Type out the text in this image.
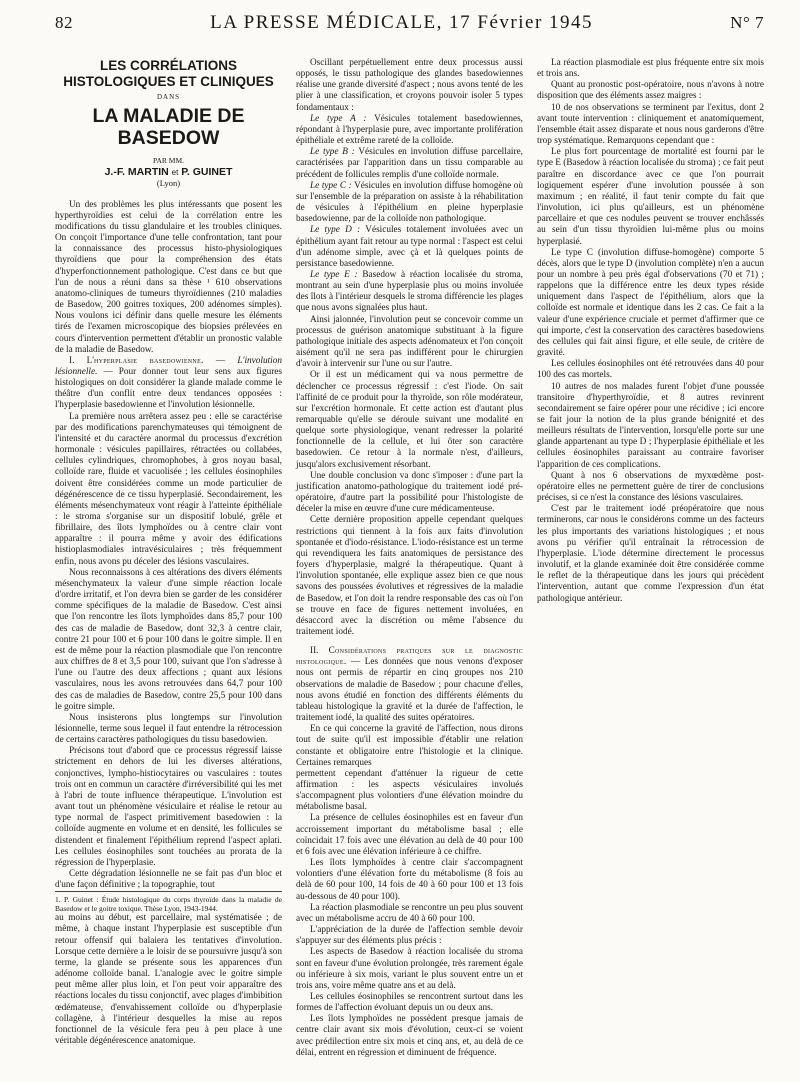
82	LA PRESSE MÉDICALE, 17 Février 1945	N° 7
LES CORRÉLATIONS
HISTOLOGIQUES ET CLINIQUES
DANS
LA MALADIE DE BASEDOW
PAR MM.
J.-F. MARTIN et P. GUINET
(Lyon)

Un des problèmes les plus intéressants que posent les hyperthyroïdies est celui de la corrélation entre les modifications du tissu glandulaire et les troubles cliniques. On conçoit l'importance d'une telle confrontation, tant pour la connaissance des processus histo-physiologiques thyroïdiens que pour la compréhension des états d'hyperfonctionnement pathologique. C'est dans ce but que l'un de nous a réuni dans sa thèse ¹ 610 observations anatomo-cliniques de tumeurs thyroïdiennes (210 maladies de Basedow, 200 goitres toxiques, 200 adénomes simples). Nous voulons ici définir dans quelle mesure les éléments tirés de l'examen microscopique des biopsies prélevées en cours d'intervention permettent d'établir un pronostic valable de la maladie de Basedow.

I. L'hyperplasie basedowienne. — L'involution lésionnelle. — Pour donner tout leur sens aux figures histologiques on doit considérer la glande malade comme le théâtre d'un conflit entre deux tendances opposées : l'hyperplasie basedowienne et l'involution lésionnelle.

La première nous arrêtera assez peu : elle se caractérise par des modifications parenchymateuses qui témoignent de l'intensité et du caractère anormal du processus d'excrétion hormonale : vésicules papillaires, rétractées ou collabées, cellules cylindriques, chromophobes, à gros noyau basal, colloïde rare, fluide et vacuolisée ; les cellules éosinophiles doivent être considérées comme un mode particulier de dégénérescence de ce tissu hyperplasié. Secondairement, les éléments mésenchymateux vont réagir à l'atteinte épithéliale : le stroma s'organise sur un dispositif lobulé, grêle et fibrillaire, des îlots lymphoïdes ou à centre clair vont apparaître : il pourra même y avoir des édifications histioplasmodiales intravésiculaires ; très fréquemment enfin, nous avons pu déceler des lésions vasculaires.

Nous reconnaissons à ces altérations des divers éléments mésenchymateux la valeur d'une simple réaction locale d'ordre irritatif, et l'on devra bien se garder de les considérer comme spécifiques de la maladie de Basedow. C'est ainsi que l'on rencontre les îlots lymphoïdes dans 85,7 pour 100 des cas de maladie de Basedow, dont 32,3 à centre clair, contre 21 pour 100 et 6 pour 100 dans le goitre simple. Il en est de même pour la réaction plasmodiale que l'on rencontre aux chiffres de 8 et 3,5 pour 100, suivant que l'on s'adresse à l'une ou l'autre des deux affections ; quant aux lésions vasculaires, nous les avons retrouvées dans 64,7 pour 100 des cas de maladies de Basedow, contre 25,5 pour 100 dans le goitre simple.

Nous insisterons plus longtemps sur l'involution lésionnelle, terme sous lequel il faut entendre la rétrocession de certains caractères pathologiques du tissu basedowien.

Précisons tout d'abord que ce processus régressif laisse strictement en dehors de lui les diverses altérations, conjonctives, lympho-histiocytaires ou vasculaires : toutes trois ont en commun un caractère d'irréversibilité qui les met à l'abri de toute influence thérapeutique. L'involution est avant tout un phénomène vésiculaire et réalise le retour au type normal de l'aspect primitivement basedowien : la colloïde augmente en volume et en densité, les follicules se distendent et finalement l'épithélium reprend l'aspect aplati. Les cellules éosinophiles sont touchées au prorata de la régression de l'hyperplasie.

Cette dégradation lésionnelle ne se fait pas d'un bloc et d'une façon définitive ; la topographie, tout

1. P. Guinet : Étude histologique du corps thyroïde dans la maladie de Basedow et le goitre toxique. Thèse Lyon, 1943-1944.

au moins au début, est parcellaire, mal systématisée ; de même, à chaque instant l'hyperplasie est susceptible d'un retour offensif qui balaiera les tentatives d'involution. Lorsque cette dernière a le loisir de se poursuivre jusqu'à son terme, la glande se présente sous les apparences d'un adénome colloïde banal. L'analogie avec le goitre simple peut même aller plus loin, et l'on peut voir apparaître des réactions locales du tissu conjonctif, avec plages d'imbibition œdémateuse, d'envahissement colloïde ou d'hyperplasie collagène, à l'intérieur desquelles la mise au repos fonctionnel de la vésicule fera peu à peu place à une véritable dégénérescence anatomique.

Oscillant perpétuellement entre deux processus aussi opposés, le tissu pathologique des glandes basedowiennes réalise une grande diversité d'aspect ; nous avons tenté de les plier à une classification, et croyons pouvoir isoler 5 types fondamentaux :

Le type A : Vésicules totalement basedowiennes, répondant à l'hyperplasie pure, avec importante prolifération épithéliale et extrême rareté de la colloïde.

Le type B : Vésicules en involution diffuse parcellaire, caractérisées par l'apparition dans un tissu comparable au précédent de follicules remplis d'une colloïde normale.

Le type C : Vésicules en involution diffuse homogène où sur l'ensemble de la préparation on assiste à la réhabilitation de vésicules à l'épithélium en pleine hyperplasie basedowienne, par de la colloïde non pathologique.

Le type D : Vésicules totalement involuées avec un épithélium ayant fait retour au type normal : l'aspect est celui d'un adénome simple, avec çà et là quelques points de persistance basedowienne.

Le type E : Basedow à réaction localisée du stroma, montrant au sein d'une hyperplasie plus ou moins involuée des îlots à l'intérieur desquels le stroma différencie les plages que nous avons signalées plus haut.

Ainsi jalonnée, l'involution peut se concevoir comme un processus de guérison anatomique substituant à la figure pathologique initiale des aspects adénomateux et l'on conçoit aisément qu'il ne sera pas indifférent pour le chirurgien d'avoir à intervenir sur l'une ou sur l'autre.

Or il est un médicament qui va nous permettre de déclencher ce processus régressif : c'est l'iode. On sait l'affinité de ce produit pour la thyroïde, son rôle modérateur, sur l'excrétion hormonale. Et cette action est d'autant plus remarquable qu'elle se déroule suivant une modalité en quelque sorte physiologique, venant redresser la polarité fonctionnelle de la cellule, et lui ôter son caractère basedowien. Ce retour à la normale n'est, d'ailleurs, jusqu'alors exclusivement résorbant.

Une double conclusion va donc s'imposer : d'une part la justification anatomo-pathologique du traitement iodé pré-opératoire, d'autre part la possibilité pour l'histologiste de déceler la mise en œuvre d'une cure médicamenteuse.

Cette dernière proposition appelle cependant quelques restrictions qui tiennent à la fois aux faits d'involution spontanée et d'iodo-résistance. L'iodo-résistance est un terme qui revendiquera les faits anatomiques de persistance des foyers d'hyperplasie, malgré la thérapeutique. Quant à l'involution spontanée, elle explique assez bien ce que nous savons des poussées évolutives et régressives de la maladie de Basedow, et l'on doit la rendre responsable des cas où l'on se trouve en face de figures nettement involuées, en désaccord avec la discrétion ou même l'absence du traitement iodé.

II. Considérations pratiques sur le diagnostic histologique. — Les données que nous venons d'exposer nous ont permis de répartir en cinq groupes nos 210 observations de maladie de Basedow ; pour chacune d'elles, nous avons étudié en fonction des différents éléments du tableau histologique la gravité et la durée de l'affection, le traitement iodé, la qualité des suites opératoires.

En ce qui concerne la gravité de l'affection, nous dirons tout de suite qu'il est impossible d'établir une relation constante et obligatoire entre l'histologie et la clinique. Certaines remarques

permettent cependant d'atténuer la rigueur de cette affirmation : les aspects vésiculaires involués s'accompagnent plus volontiers d'une élévation moindre du métabolisme basal.

La présence de cellules éosinophiles est en faveur d'un accroissement important du métabolisme basal ; elle coïncidait 17 fois avec une élévation au delà de 40 pour 100 et 6 fois avec une élévation inférieure à ce chiffre.

Les îlots lymphoïdes à centre clair s'accompagnent volontiers d'une élévation forte du métabolisme (8 fois au delà de 60 pour 100, 14 fois de 40 à 60 pour 100 et 13 fois au-dessous de 40 pour 100).

La réaction plasmodiale se rencontre un peu plus souvent avec un métabolisme accru de 40 à 60 pour 100.

L'appréciation de la durée de l'affection semble devoir s'appuyer sur des éléments plus précis :

Les aspects de Basedow à réaction localisée du stroma sont en faveur d'une évolution prolongée, très rarement égale ou inférieure à six mois, variant le plus souvent entre un et trois ans, voire même quatre ans et au delà.

Les cellules éosinophiles se rencontrent surtout dans les formes de l'affection évoluant depuis un ou deux ans.

Les îlots lymphoïdes ne possèdent presque jamais de centre clair avant six mois d'évolution, ceux-ci se voient avec prédilection entre six mois et cinq ans, et, au delà de ce délai, entrent en régression et diminuent de fréquence.

La réaction plasmodiale est plus fréquente entre six mois et trois ans.

Quant au pronostic post-opératoire, nous n'avons à notre disposition que des éléments assez maigres :

10 de nos observations se terminent par l'exitus, dont 2 avant toute intervention : cliniquement et anatomiquement, l'ensemble était assez disparate et nous nous garderons d'être trop systématique. Remarquons cependant que :

Le plus fort pourcentage de mortalité est fourni par le type E (Basedow à réaction localisée du stroma) ; ce fait peut paraître en discordance avec ce que l'on pourrait logiquement espérer d'une involution poussée à son maximum ; en réalité, il faut tenir compte du fait que l'involution, ici plus qu'ailleurs, est un phénomène parcellaire et que ces nodules peuvent se trouver enchâssés au sein d'un tissu thyroïdien lui-même plus ou moins hyperplasié.

Le type C (involution diffuse-homogène) comporte 5 décès, alors que le type D (involution complète) n'en a aucun pour un nombre à peu près égal d'observations (70 et 71) ; rappelons que la différence entre les deux types réside uniquement dans l'aspect de l'épithélium, alors que la colloïde est normale et identique dans les 2 cas. Ce fait a la valeur d'une expérience cruciale et permet d'affirmer que ce qui importe, c'est la conservation des caractères basedowiens des cellules qui fait ainsi figure, et elle seule, de critère de gravité.

Les cellules éosinophiles ont été retrouvées dans 40 pour 100 des cas mortels.

10 autres de nos malades furent l'objet d'une poussée transitoire d'hyperthyroïdie, et 8 autres revinrent secondairement se faire opérer pour une récidive ; ici encore se fait jour la notion de la plus grande bénignité et des meilleurs résultats de l'intervention, lorsqu'elle porte sur une glande appartenant au type D ; l'hyperplasie épithéliale et les cellules éosinophiles paraissant au contraire favoriser l'apparition de ces complications.

Quant à nos 6 observations de myxœdème post-opératoire elles ne permettent guère de tirer de conclusions précises, si ce n'est la constance des lésions vasculaires.

C'est par le traitement iodé préopératoire que nous terminerons, car nous le considérons comme un des facteurs les plus importants des variations histologiques ; et nous avons pu vérifier qu'il entraînait la rétrocession de l'hyperplasie. L'iode détermine directement le processus involutif, et la glande examinée doit être considérée comme le reflet de la thérapeutique dans les jours qui précèdent l'intervention, autant que comme l'expression d'un état pathologique antérieur.
